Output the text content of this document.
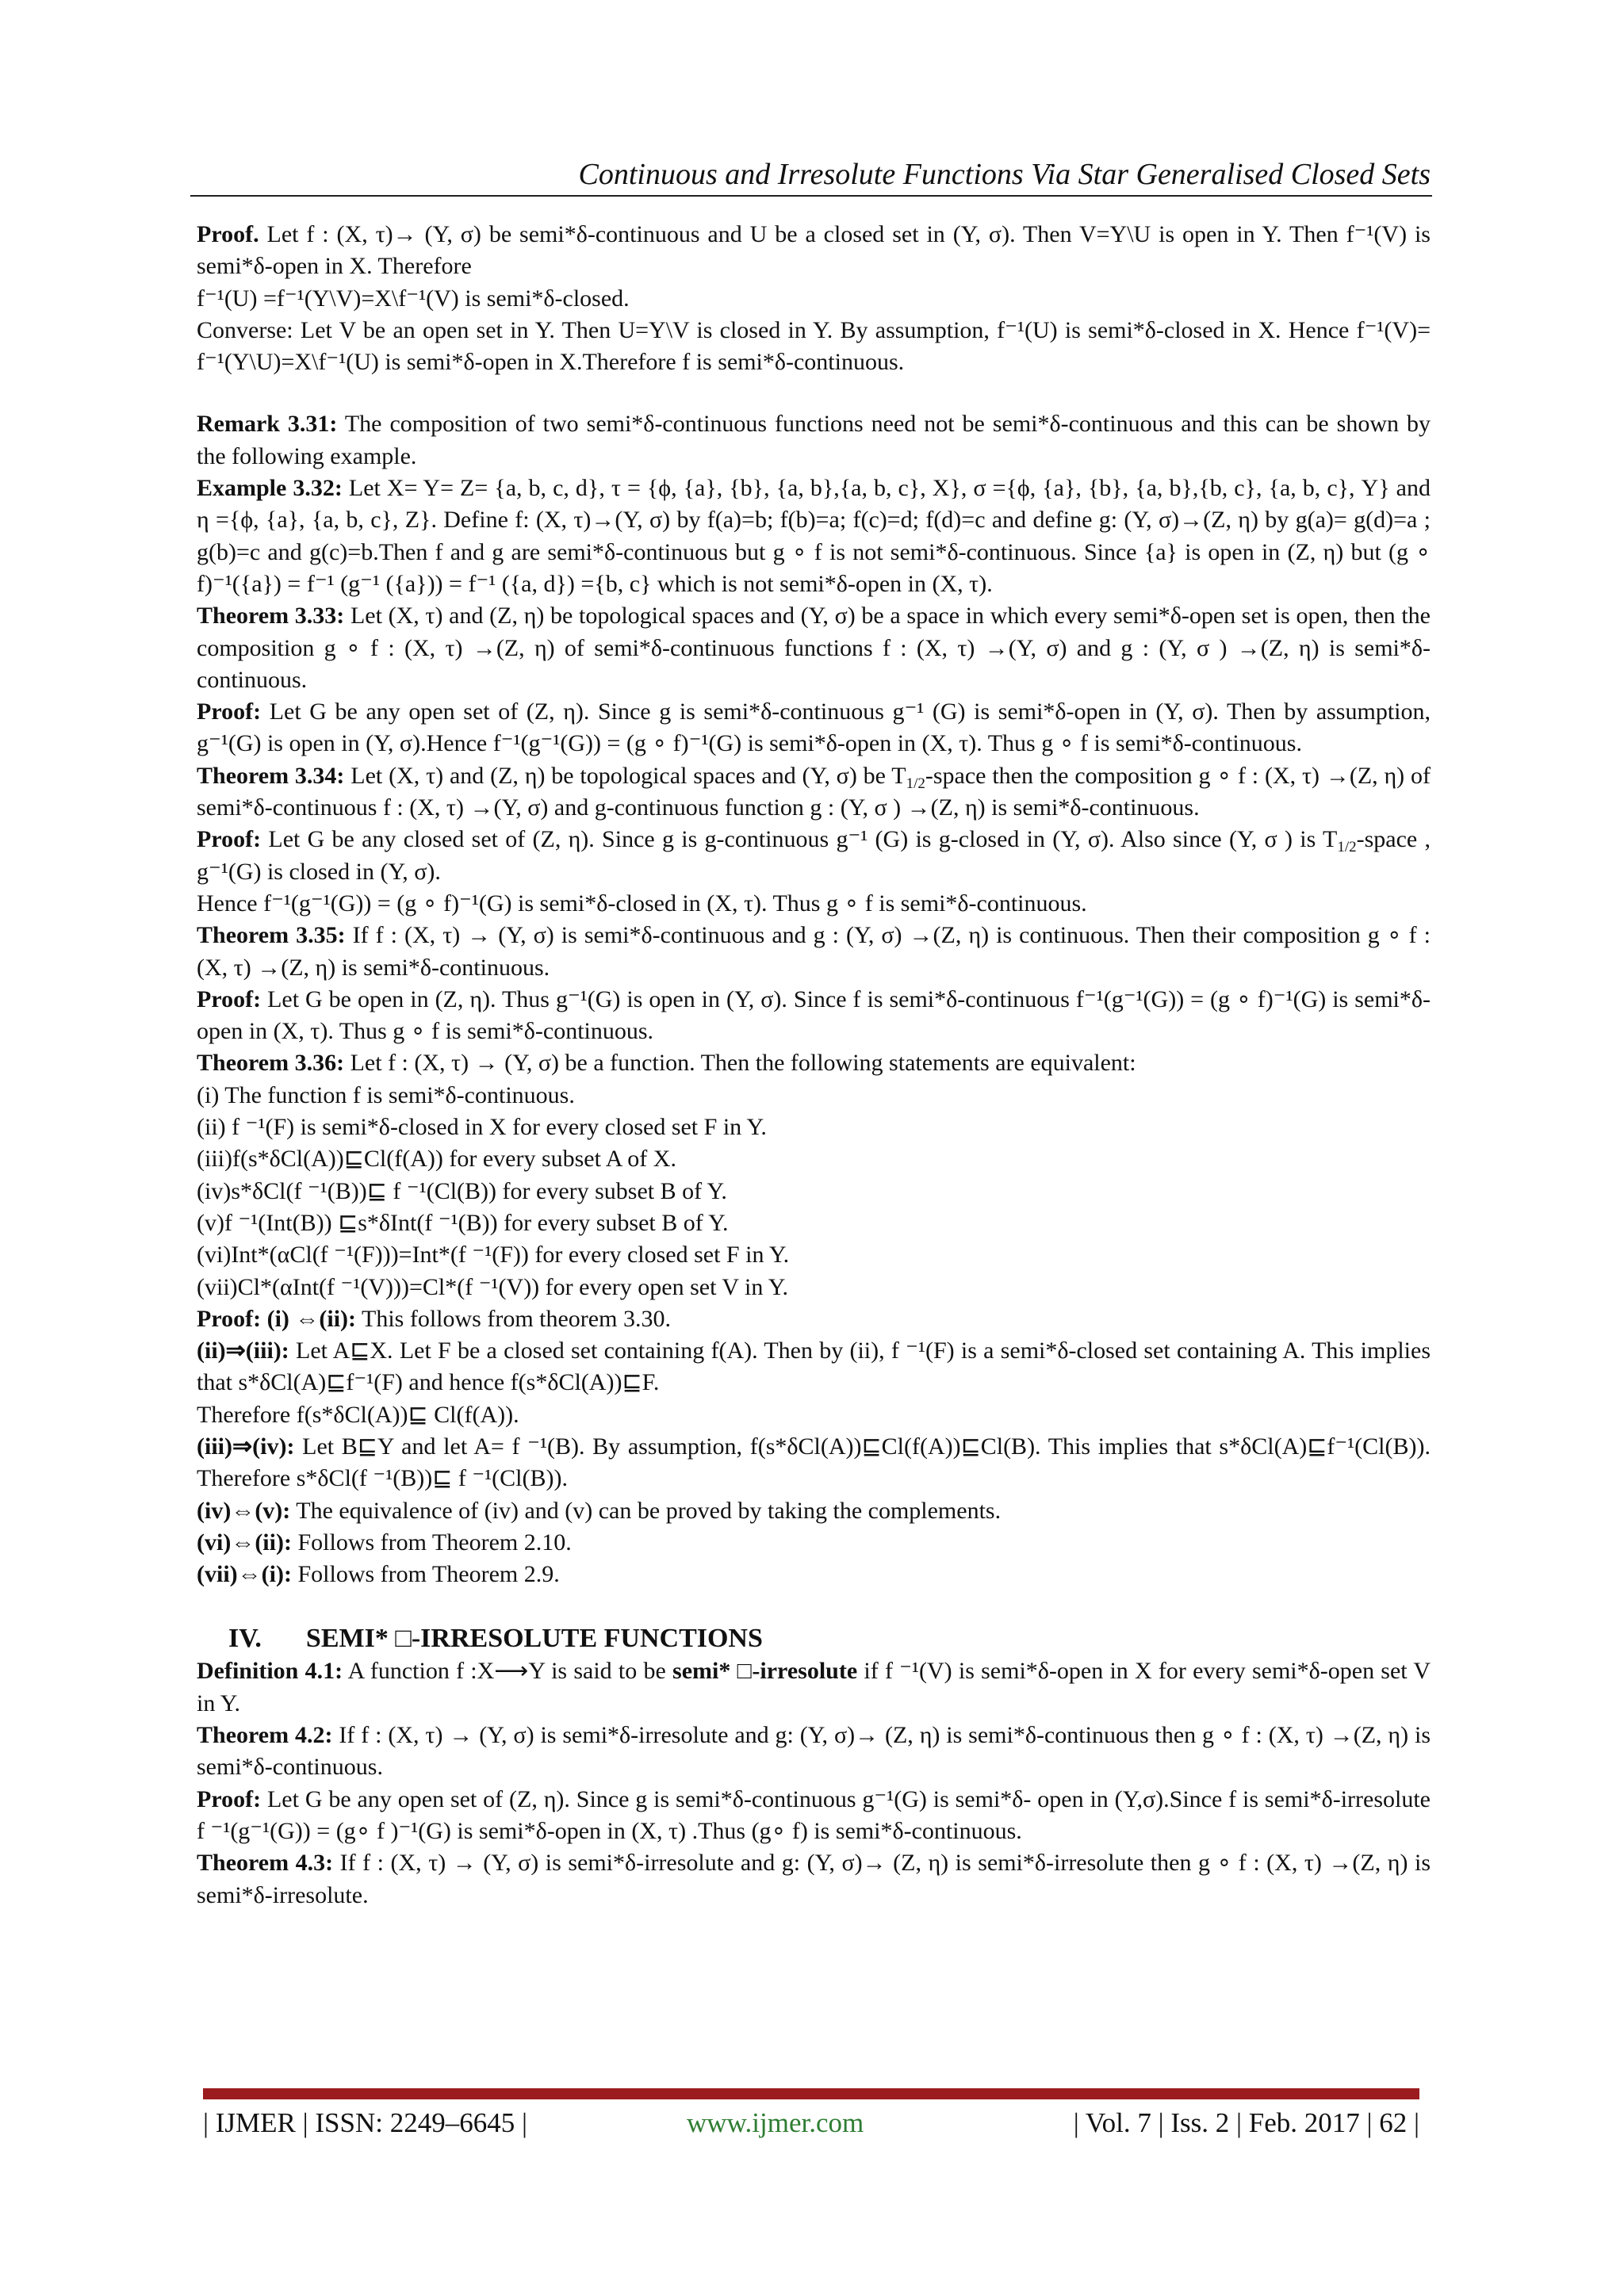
Continuous and Irresolute Functions Via Star Generalised Closed Sets

Proof. Let f : (X, τ)→ (Y, σ) be semi*δ-continuous and U be a closed set in (Y, σ). Then V=Y\U is open in Y. Then f⁻¹(V) is semi*δ-open in X. Therefore

f⁻¹(U) =f⁻¹(Y\V)=X\f⁻¹(V) is semi*δ-closed.

Converse: Let V be an open set in Y. Then U=Y\V is closed in Y. By assumption, f⁻¹(U) is semi*δ-closed in X. Hence f⁻¹(V)= f⁻¹(Y\U)=X\f⁻¹(U) is semi*δ-open in X.Therefore f is semi*δ-continuous.

Remark 3.31: The composition of two semi*δ-continuous functions need not be semi*δ-continuous and this can be shown by the following example.

Example 3.32: Let X= Y= Z= {a, b, c, d}, τ = {ϕ, {a}, {b}, {a, b},{a, b, c}, X}, σ ={ϕ, {a}, {b}, {a, b},{b, c}, {a, b, c}, Y} and η ={ϕ, {a}, {a, b, c}, Z}. Define f: (X, τ)→(Y, σ) by f(a)=b; f(b)=a; f(c)=d; f(d)=c and define g: (Y, σ)→(Z, η) by g(a)= g(d)=a ; g(b)=c and g(c)=b.Then f and g are semi*δ-continuous but g ∘ f is not semi*δ-continuous. Since {a} is open in (Z, η) but (g ∘ f)⁻¹({a}) = f⁻¹ (g⁻¹ ({a})) = f⁻¹ ({a, d}) ={b, c} which is not semi*δ-open in (X, τ).

Theorem 3.33: Let (X, τ) and (Z, η) be topological spaces and (Y, σ) be a space in which every semi*δ-open set is open, then the composition g ∘ f : (X, τ) →(Z, η) of semi*δ-continuous functions f : (X, τ) →(Y, σ) and g : (Y, σ ) →(Z, η) is semi*δ-continuous.

Proof: Let G be any open set of (Z, η). Since g is semi*δ-continuous g⁻¹ (G) is semi*δ-open in (Y, σ). Then by assumption, g⁻¹(G) is open in (Y, σ).Hence f⁻¹(g⁻¹(G)) = (g ∘ f)⁻¹(G) is semi*δ-open in (X, τ). Thus g ∘ f is semi*δ-continuous.

Theorem 3.34: Let (X, τ) and (Z, η) be topological spaces and (Y, σ) be $T_{1/2}$-space then the composition g ∘ f : (X, τ) →(Z, η) of semi*δ-continuous f : (X, τ) →(Y, σ) and g-continuous function g : (Y, σ ) →(Z, η) is semi*δ-continuous.

Proof: Let G be any closed set of (Z, η). Since g is g-continuous g⁻¹ (G) is g-closed in (Y, σ). Also since (Y, σ ) is $T_{1/2}$-space , g⁻¹(G) is closed in (Y, σ).

Hence f⁻¹(g⁻¹(G)) = (g ∘ f)⁻¹(G) is semi*δ-closed in (X, τ). Thus g ∘ f is semi*δ-continuous.

Theorem 3.35: If f : (X, τ) → (Y, σ) is semi*δ-continuous and g : (Y, σ) →(Z, η) is continuous. Then their composition g ∘ f : (X, τ) →(Z, η) is semi*δ-continuous.

Proof: Let G be open in (Z, η). Thus g⁻¹(G) is open in (Y, σ). Since f is semi*δ-continuous f⁻¹(g⁻¹(G)) = (g ∘ f)⁻¹(G) is semi*δ-open in (X, τ). Thus g ∘ f is semi*δ-continuous.

Theorem 3.36: Let f : (X, τ) → (Y, σ) be a function. Then the following statements are equivalent:

(i) The function f is semi*δ-continuous.

(ii) f ⁻¹(F) is semi*δ-closed in X for every closed set F in Y.

(iii)f(s*δCl(A))⊑Cl(f(A)) for every subset A of X.

(iv)s*δCl(f ⁻¹(B))⊑ f ⁻¹(Cl(B)) for every subset B of Y.

(v)f ⁻¹(Int(B)) ⊑s*δInt(f ⁻¹(B)) for every subset B of Y.

(vi)Int*(αCl(f ⁻¹(F)))=Int*(f ⁻¹(F)) for every closed set F in Y.

(vii)Cl*(αInt(f ⁻¹(V)))=Cl*(f ⁻¹(V)) for every open set V in Y.

Proof: (i) ⇔(ii): This follows from theorem 3.30.

(ii)⇒(iii): Let A⊑X. Let F be a closed set containing f(A). Then by (ii), f ⁻¹(F) is a semi*δ-closed set containing A. This implies that s*δCl(A)⊑f⁻¹(F) and hence f(s*δCl(A))⊑F.

Therefore f(s*δCl(A))⊑ Cl(f(A)).

(iii)⇒(iv): Let B⊑Y and let A= f ⁻¹(B). By assumption, f(s*δCl(A))⊑Cl(f(A))⊑Cl(B). This implies that s*δCl(A)⊑f⁻¹(Cl(B)). Therefore s*δCl(f ⁻¹(B))⊑ f ⁻¹(Cl(B)).

(iv)⇔(v): The equivalence of (iv) and (v) can be proved by taking the complements.

(vi)⇔(ii): Follows from Theorem 2.10.

(vii)⇔(i): Follows from Theorem 2.9.

IV. SEMI* □-IRRESOLUTE FUNCTIONS

Definition 4.1: A function f :X⟶Y is said to be semi* □-irresolute if f ⁻¹(V) is semi*δ-open in X for every semi*δ-open set V in Y.

Theorem 4.2: If f : (X, τ) → (Y, σ) is semi*δ-irresolute and g: (Y, σ)→ (Z, η) is semi*δ-continuous then g ∘ f : (X, τ) →(Z, η) is semi*δ-continuous.

Proof: Let G be any open set of (Z, η). Since g is semi*δ-continuous g⁻¹(G) is semi*δ- open in (Y,σ).Since f is semi*δ-irresolute f ⁻¹(g⁻¹(G)) = (g∘ f )⁻¹(G) is semi*δ-open in (X, τ) .Thus (g∘ f) is semi*δ-continuous.

Theorem 4.3: If f : (X, τ) → (Y, σ) is semi*δ-irresolute and g: (Y, σ)→ (Z, η) is semi*δ-irresolute then g ∘ f : (X, τ) →(Z, η) is semi*δ-irresolute.

| IJMER | ISSN: 2249–6645 |	www.ijmer.com	| Vol. 7 | Iss. 2 | Feb. 2017 | 62 |
